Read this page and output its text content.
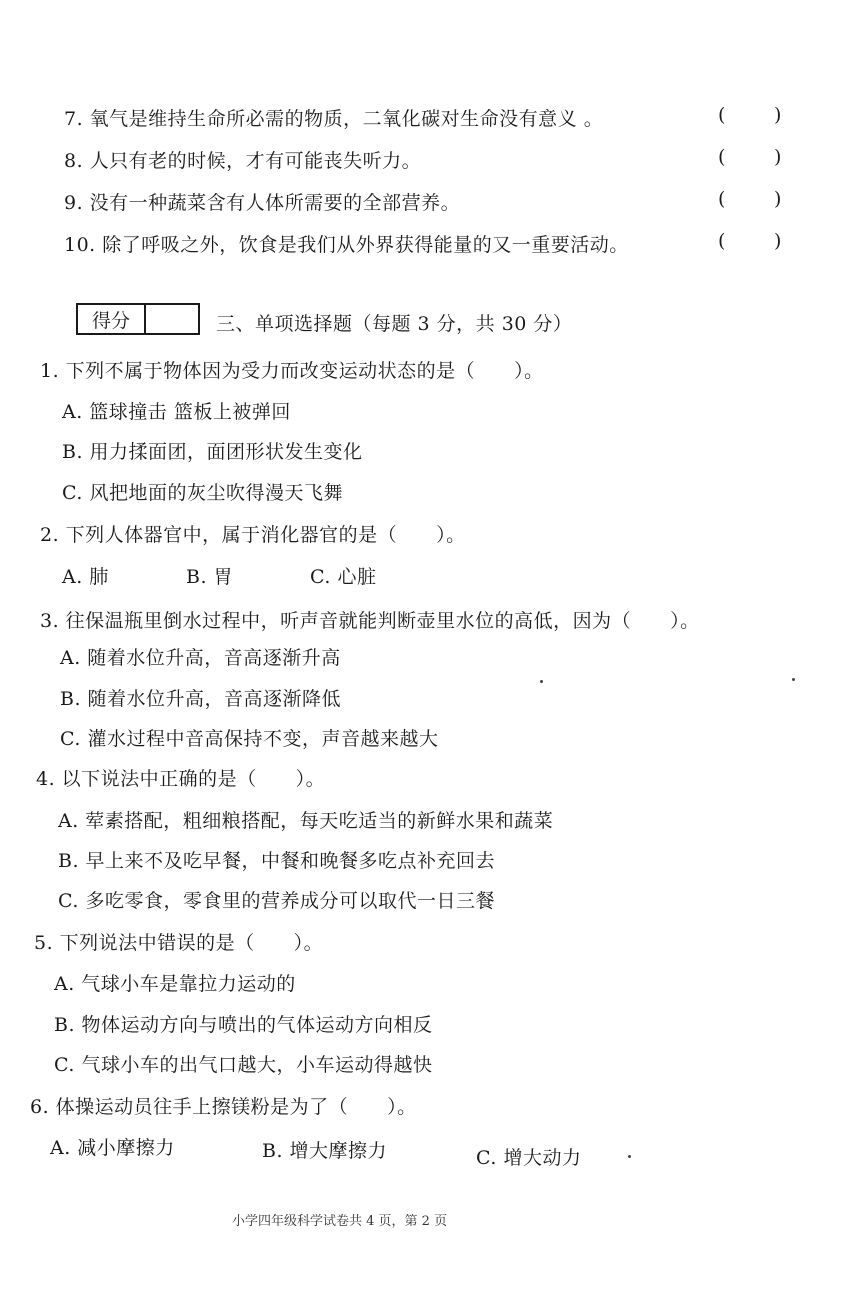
7. 氧气是维持生命所必需的物质，二氧化碳对生命没有意义 。	(	)
8. 人只有老的时候，才有可能丧失听力。	(	)
9. 没有一种蔬菜含有人体所需要的全部营养。	(	)
10. 除了呼吸之外，饮食是我们从外界获得能量的又一重要活动。	(	)
得分	三、单项选择题（每题 3 分，共 30 分）
1. 下列不属于物体因为受力而改变运动状态的是（　　）。
A. 篮球撞击 篮板上被弹回
B. 用力揉面团，面团形状发生变化
C. 风把地面的灰尘吹得漫天飞舞
2. 下列人体器官中，属于消化器官的是（　　）。
A. 肺	B. 胃	C. 心脏
3. 往保温瓶里倒水过程中，听声音就能判断壶里水位的高低，因为（　　）。
A. 随着水位升高，音高逐渐升高
B. 随着水位升高，音高逐渐降低
C. 灌水过程中音高保持不变，声音越来越大
4. 以下说法中正确的是（　　）。
A. 荤素搭配，粗细粮搭配，每天吃适当的新鲜水果和蔬菜
B. 早上来不及吃早餐，中餐和晚餐多吃点补充回去
C. 多吃零食，零食里的营养成分可以取代一日三餐
5. 下列说法中错误的是（　　）。
A. 气球小车是靠拉力运动的
B. 物体运动方向与喷出的气体运动方向相反
C. 气球小车的出气口越大，小车运动得越快
6. 体操运动员往手上擦镁粉是为了（　　）。
A. 减小摩擦力	B. 增大摩擦力	C. 增大动力
小学四年级科学试卷共 4 页，第 2 页
